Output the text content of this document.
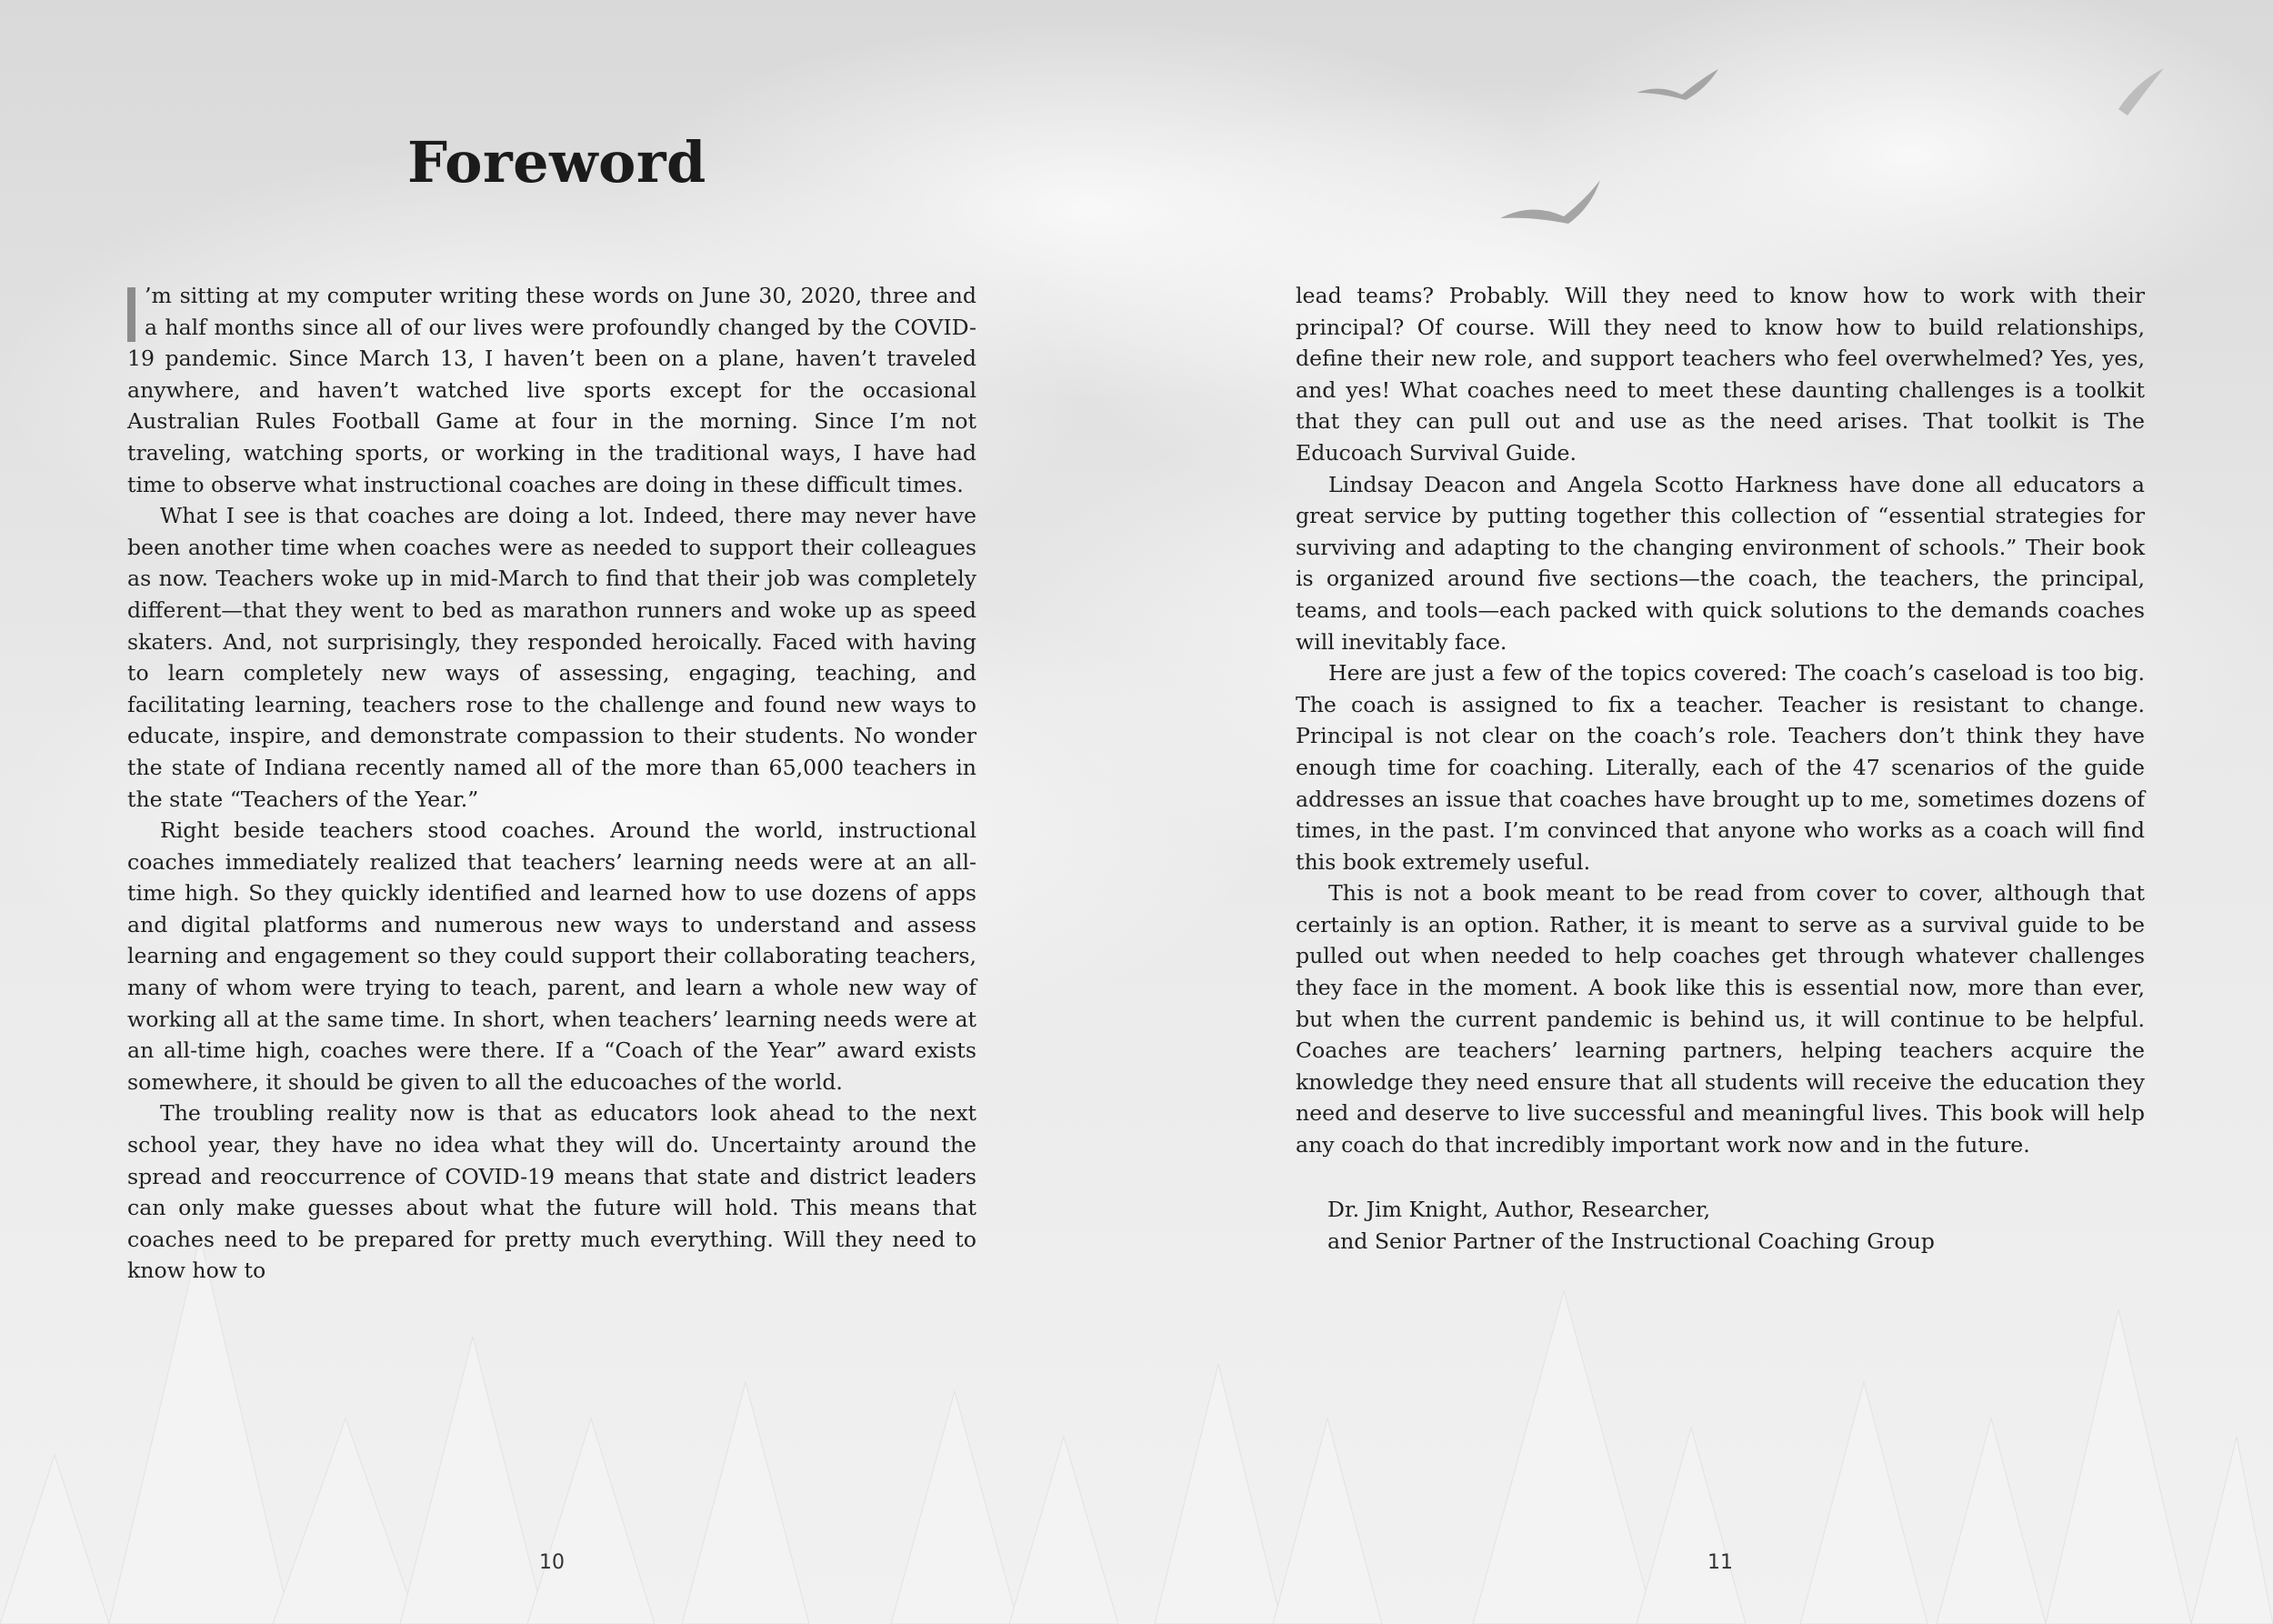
Foreword

’m sitting at my computer writing these words on June 30, 2020, three and a half months since all of our lives were profoundly changed by the COVID-19 pandemic. Since March 13, I haven’t been on a plane, haven’t traveled anywhere, and haven’t watched live sports except for the occasional Australian Rules Football Game at four in the morning. Since I’m not traveling, watching sports, or working in the traditional ways, I have had time to observe what instructional coaches are doing in these difficult times.

What I see is that coaches are doing a lot. Indeed, there may never have been another time when coaches were as needed to support their colleagues as now. Teachers woke up in mid-March to find that their job was completely different—that they went to bed as marathon runners and woke up as speed skaters. And, not surprisingly, they responded heroically. Faced with having to learn completely new ways of assessing, engaging, teaching, and facilitating learning, teachers rose to the challenge and found new ways to educate, inspire, and demonstrate compassion to their students. No wonder the state of Indiana recently named all of the more than 65,000 teachers in the state “Teachers of the Year.”

Right beside teachers stood coaches. Around the world, instructional coaches immediately realized that teachers’ learning needs were at an all-time high. So they quickly identified and learned how to use dozens of apps and digital platforms and numerous new ways to understand and assess learning and engagement so they could support their collaborating teachers, many of whom were trying to teach, parent, and learn a whole new way of working all at the same time. In short, when teachers’ learning needs were at an all-time high, coaches were there. If a “Coach of the Year” award exists somewhere, it should be given to all the educoaches of the world.

The troubling reality now is that as educators look ahead to the next school year, they have no idea what they will do. Uncertainty around the spread and reoccurrence of COVID-19 means that state and district leaders can only make guesses about what the future will hold. This means that coaches need to be prepared for pretty much everything. Will they need to know how to

10	11

lead teams? Probably. Will they need to know how to work with their principal? Of course. Will they need to know how to build relationships, define their new role, and support teachers who feel overwhelmed? Yes, yes, and yes! What coaches need to meet these daunting challenges is a toolkit that they can pull out and use as the need arises. That toolkit is The Educoach Survival Guide.

Lindsay Deacon and Angela Scotto Harkness have done all educators a great service by putting together this collection of “essential strategies for surviving and adapting to the changing environment of schools.” Their book is organized around five sections—the coach, the teachers, the principal, teams, and tools—each packed with quick solutions to the demands coaches will inevitably face.

Here are just a few of the topics covered: The coach’s caseload is too big. The coach is assigned to fix a teacher. Teacher is resistant to change. Principal is not clear on the coach’s role. Teachers don’t think they have enough time for coaching. Literally, each of the 47 scenarios of the guide addresses an issue that coaches have brought up to me, sometimes dozens of times, in the past. I’m convinced that anyone who works as a coach will find this book extremely useful.

This is not a book meant to be read from cover to cover, although that certainly is an option. Rather, it is meant to serve as a survival guide to be pulled out when needed to help coaches get through whatever challenges they face in the moment. A book like this is essential now, more than ever, but when the current pandemic is behind us, it will continue to be helpful. Coaches are teachers’ learning partners, helping teachers acquire the knowledge they need ensure that all students will receive the education they need and deserve to live successful and meaningful lives. This book will help any coach do that incredibly important work now and in the future.

Dr. Jim Knight, Author, Researcher,
and Senior Partner of the Instructional Coaching Group
